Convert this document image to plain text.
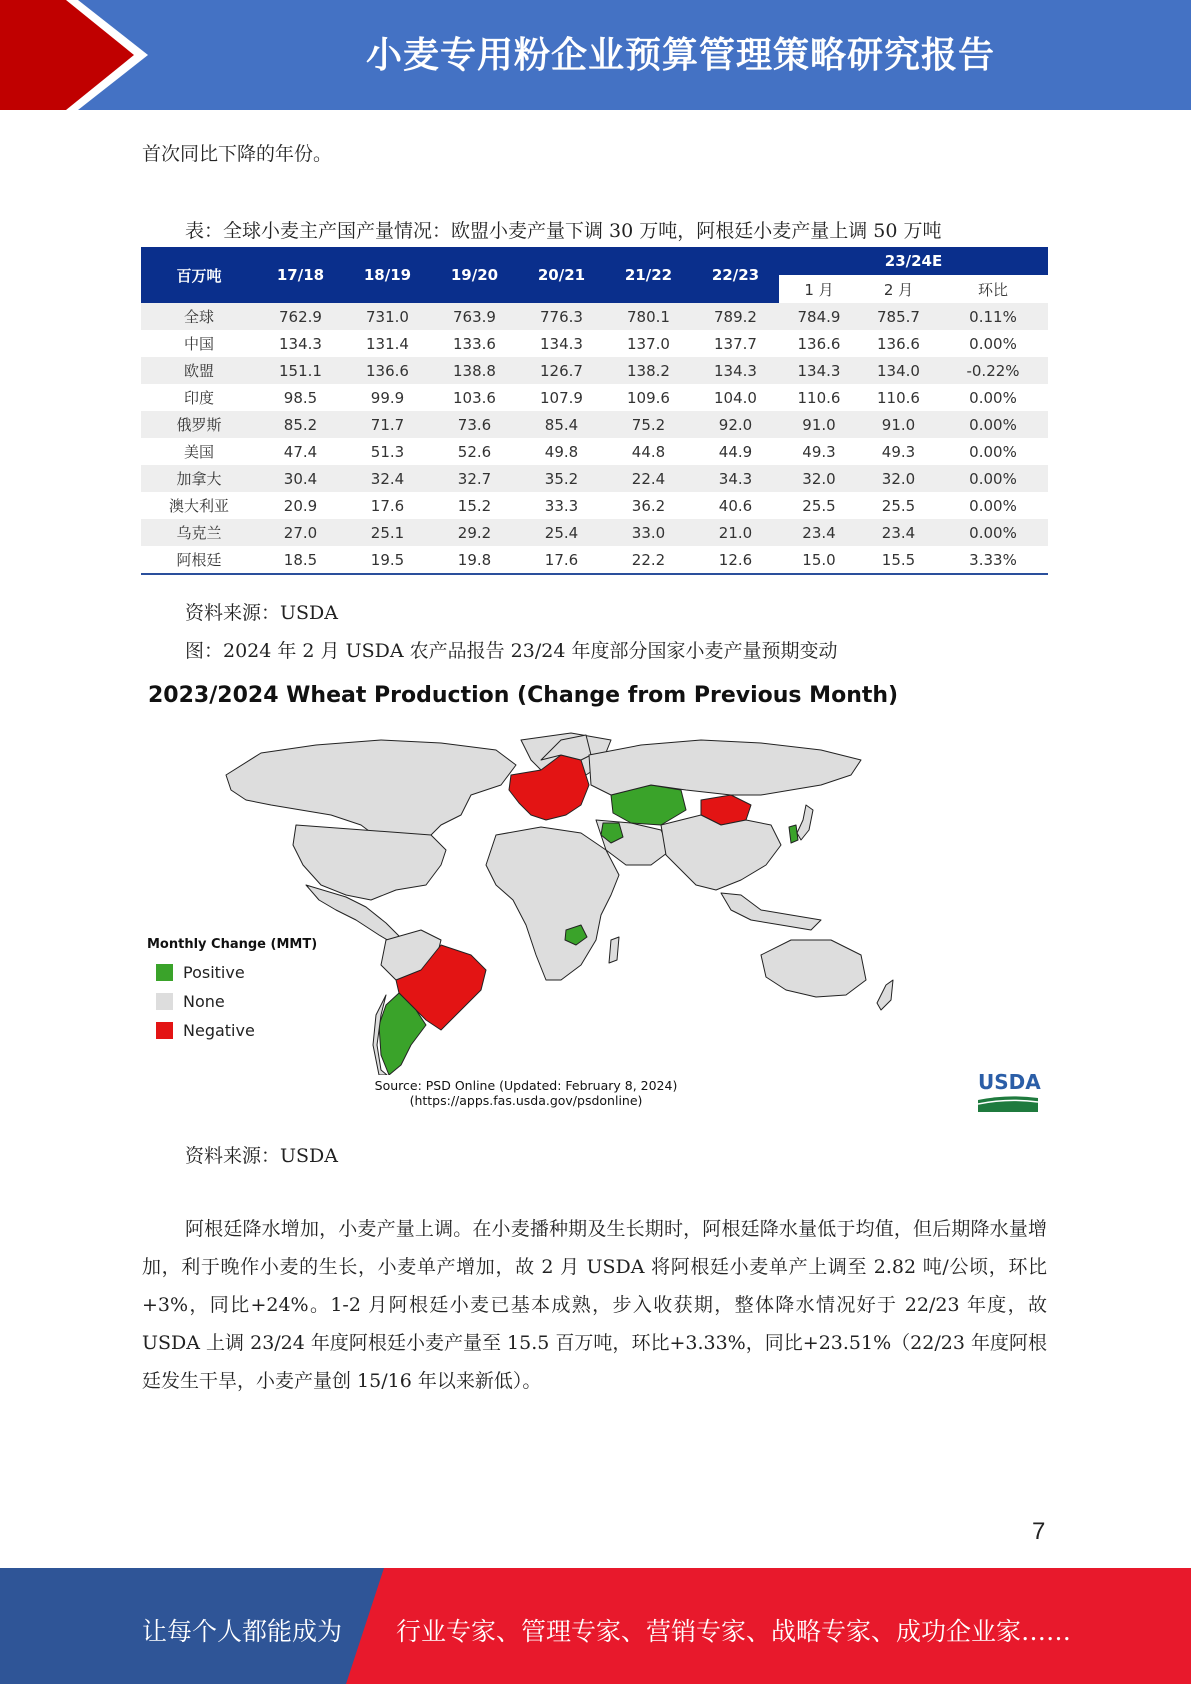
小麦专用粉企业预算管理策略研究报告
首次同比下降的年份。
表：全球小麦主产国产量情况：欧盟小麦产量下调 30 万吨，阿根廷小麦产量上调 50 万吨
百万吨	17/18	18/19	19/20	20/21	21/22	22/23	23/24E		
							1 月	2 月	环比
全球	762.9	731.0	763.9	776.3	780.1	789.2	784.9	785.7	0.11%
中国	134.3	131.4	133.6	134.3	137.0	137.7	136.6	136.6	0.00%
欧盟	151.1	136.6	138.8	126.7	138.2	134.3	134.3	134.0	-0.22%
印度	98.5	99.9	103.6	107.9	109.6	104.0	110.6	110.6	0.00%
俄罗斯	85.2	71.7	73.6	85.4	75.2	92.0	91.0	91.0	0.00%
美国	47.4	51.3	52.6	49.8	44.8	44.9	49.3	49.3	0.00%
加拿大	30.4	32.4	32.7	35.2	22.4	34.3	32.0	32.0	0.00%
澳大利亚	20.9	17.6	15.2	33.3	36.2	40.6	25.5	25.5	0.00%
乌克兰	27.0	25.1	29.2	25.4	33.0	21.0	23.4	23.4	0.00%
阿根廷	18.5	19.5	19.8	17.6	22.2	12.6	15.0	15.5	3.33%
资料来源：USDA
图：2024 年 2 月 USDA 农产品报告 23/24 年度部分国家小麦产量预期变动
2023/2024 Wheat Production (Change from Previous Month)
Monthly Change (MMT)
Positive
None
Negative
Source: PSD Online (Updated: February 8, 2024)
(https://apps.fas.usda.gov/psdonline)
USDA
资料来源：USDA
阿根廷降水增加，小麦产量上调。在小麦播种期及生长期时，阿根廷降水量低于均值，但后期降水量增加，利于晚作小麦的生长，小麦单产增加，故 2 月 USDA 将阿根廷小麦单产上调至 2.82 吨/公顷，环比+3%，同比+24%。1-2 月阿根廷小麦已基本成熟，步入收获期，整体降水情况好于 22/23 年度，故 USDA 上调 23/24 年度阿根廷小麦产量至 15.5 百万吨，环比+3.33%，同比+23.51%（22/23 年度阿根廷发生干旱，小麦产量创 15/16 年以来新低）。
7
让每个人都能成为 行业专家、管理专家、营销专家、战略专家、成功企业家……
